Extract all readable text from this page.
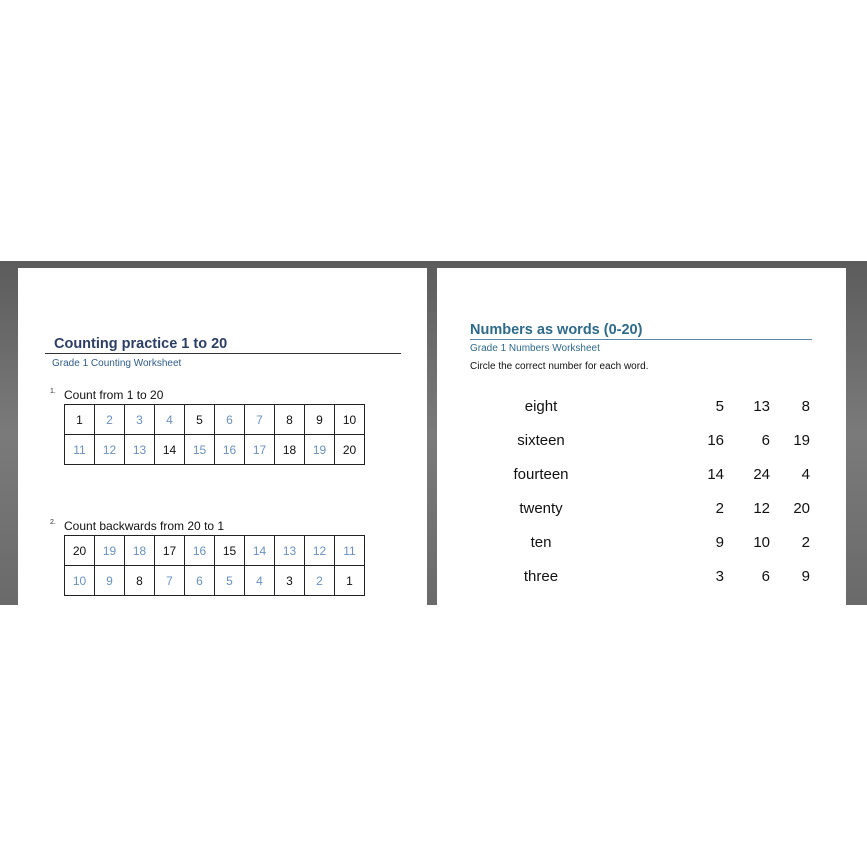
Counting practice 1 to 20
Grade 1 Counting Worksheet
1. Count from 1 to 20
1	2	3	4	5	6	7	8	9	10
11	12	13	14	15	16	17	18	19	20
2. Count backwards from 20 to 1
20	19	18	17	16	15	14	13	12	11
10	9	8	7	6	5	4	3	2	1
Numbers as words (0-20)
Grade 1 Numbers Worksheet
Circle the correct number for each word.
eight	5	13	8
sixteen	16	6	19
fourteen	14	24	4
twenty	2	12	20
ten	9	10	2
three	3	6	9
